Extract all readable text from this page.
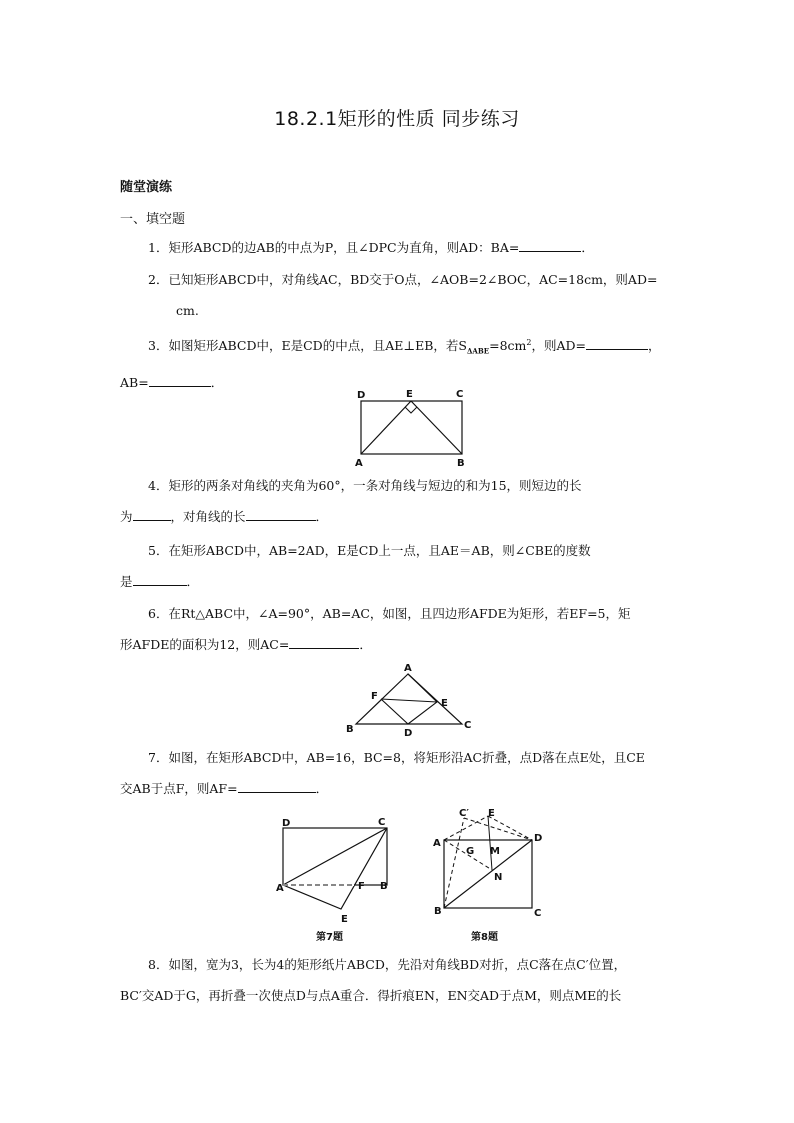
18.2.1矩形的性质 同步练习
随堂演练
一、填空题

1．矩形ABCD的边AB的中点为P，且∠DPC为直角，则AD：BA=	．

2．已知矩形ABCD中，对角线AC，BD交于O点，∠AOB=2∠BOC，AC=18cm，则AD=

cm.

3．如图矩形ABCD中，E是CD的中点，且AE⊥EB，若$S_{\Delta ABE}=8cm^2$，则AD=	，

AB=	．

D	E	C
A	B

4．矩形的两条对角线的夹角为60°，一条对角线与短边的和为15，则短边的长

为	，对角线的长	．

5．在矩形ABCD中，AB=2AD，E是CD上一点，且AE＝AB，则∠CBE的度数

是	．

6．在Rt△ABC中，∠A=90°，AB=AC，如图，且四边形AFDE为矩形，若EF=5，矩

形AFDE的面积为12，则AC=	．

A
F
E
B	D
C

7．如图，在矩形ABCD中，AB=16，BC=8，将矩形沿AC折叠，点D落在点E处，且CE

交AB于点F，则AF=	．

D	C
A	F B
E
第7题
C′ E
A	D
G M
N
B	C
第8题

8．如图，宽为3，长为4的矩形纸片ABCD，先沿对角线BD对折，点C落在点C′位置，

BC′交AD于G，再折叠一次使点D与点A重合．得折痕EN，EN交AD于点M，则点ME的长
